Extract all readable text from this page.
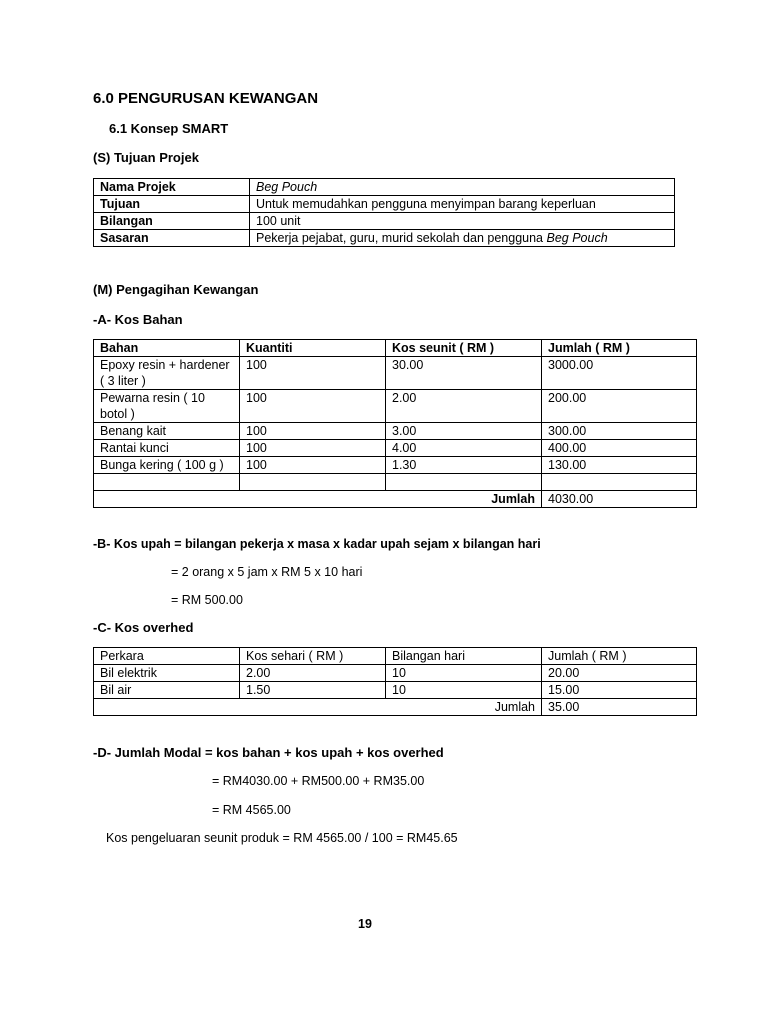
6.0 PENGURUSAN KEWANGAN
6.1 Konsep SMART
(S) Tujuan Projek
Nama Projek	Beg Pouch
Tujuan	Untuk memudahkan pengguna menyimpan barang keperluan
Bilangan	100 unit
Sasaran	Pekerja pejabat, guru, murid sekolah dan pengguna Beg Pouch
(M) Pengagihan Kewangan
-A- Kos Bahan
Bahan	Kuantiti	Kos seunit ( RM )	Jumlah ( RM )
Epoxy resin + hardener ( 3 liter )	100	30.00	3000.00
Pewarna resin ( 10 botol )	100	2.00	200.00
Benang kait	100	3.00	300.00
Rantai kunci	100	4.00	400.00
Bunga kering ( 100 g )	100	1.30	130.00

Jumlah			4030.00
-B- Kos upah = bilangan pekerja x masa x kadar upah sejam x bilangan hari
= 2 orang x 5 jam x RM 5 x 10 hari
= RM 500.00
-C- Kos overhed
Perkara	Kos sehari ( RM )	Bilangan hari	Jumlah ( RM )
Bil elektrik	2.00	10	20.00
Bil air	1.50	10	15.00
Jumlah			35.00
-D- Jumlah Modal = kos bahan + kos upah + kos overhed
= RM4030.00 + RM500.00 + RM35.00
= RM 4565.00
Kos pengeluaran seunit produk = RM 4565.00 / 100 = RM45.65
19
